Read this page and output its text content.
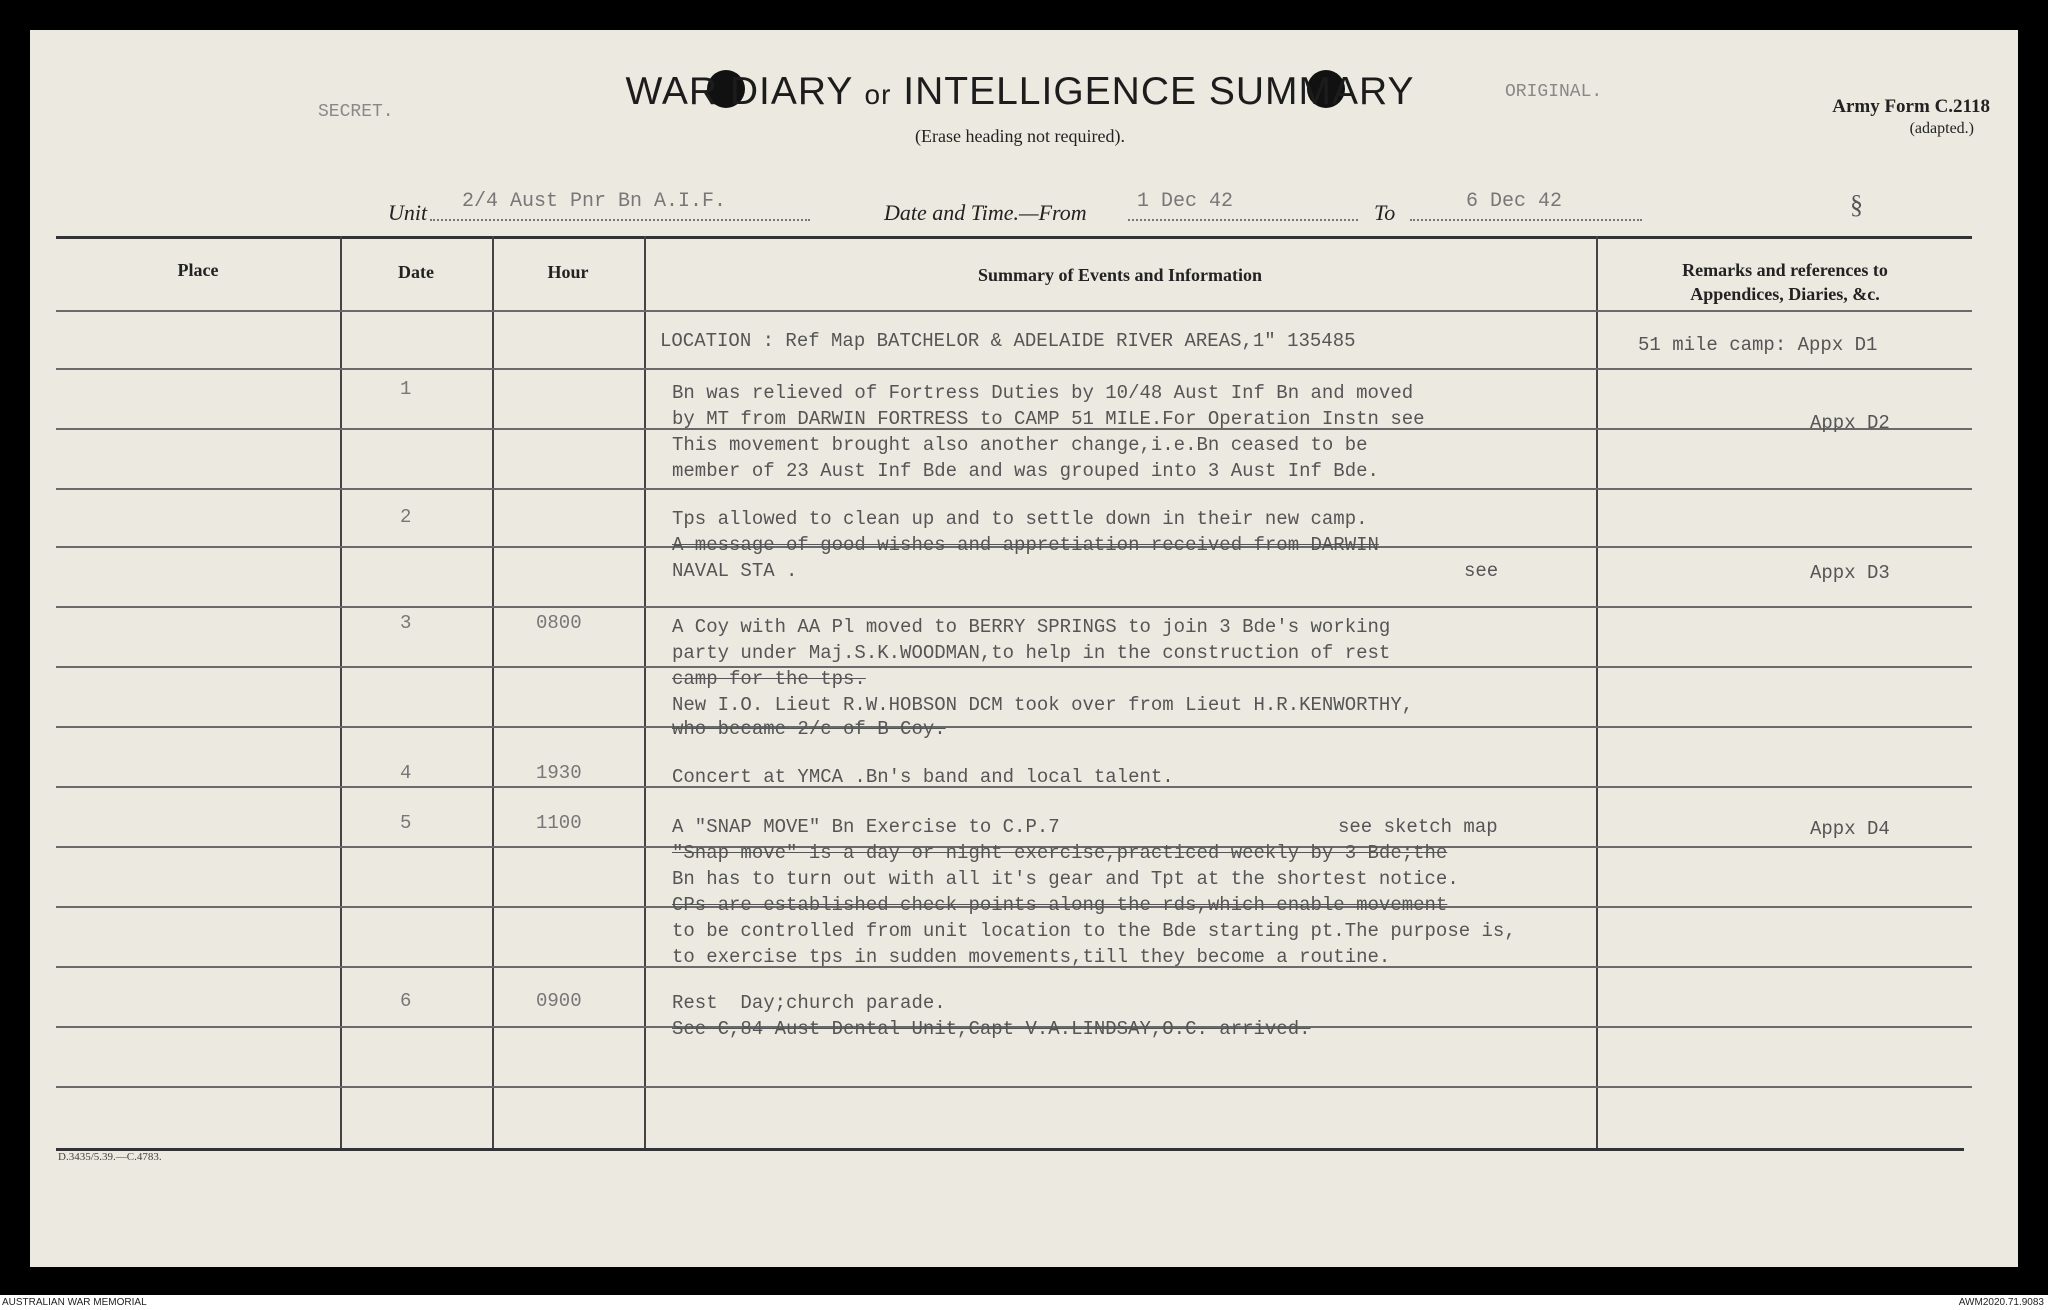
SECRET.	WAR DIARY or INTELLIGENCE SUMMARY
(Erase heading not required).
ORIGINAL.
Army Form C.2118
(adapted.)
Unit 2/4 Aust Pnr Bn A.I.F.	Date and Time.—From	1 Dec 42	To	6 Dec 42	§
Place	Date	Hour	Summary of Events and Information	Remarks and references to
Appendices, Diaries, &c.
LOCATION : Ref Map BATCHELOR & ADELAIDE RIVER AREAS,1" 135485	51 mile camp: Appx D1
1	Bn was relieved of Fortress Duties by 10/48 Aust Inf Bn and moved
by MT from DARWIN FORTRESS to CAMP 51 MILE.For Operation Instn see
This movement brought also another change,i.e.Bn ceased to be
member of 23 Aust Inf Bde and was grouped into 3 Aust Inf Bde.
Appx D2
2	Tps allowed to clean up and to settle down in their new camp.
A message of good wishes and appretiation received from DARWIN
NAVAL STA .	see	Appx D3
3	0800	A Coy with AA Pl moved to BERRY SPRINGS to join 3 Bde's working
party under Maj.S.K.WOODMAN,to help in the construction of rest
camp for the tps.
New I.O. Lieut R.W.HOBSON DCM took over from Lieut H.R.KENWORTHY,
who became 2/c of B Coy.
4	1930	Concert at YMCA .Bn's band and local talent.
5	1100	A "SNAP MOVE" Bn Exercise to C.P.7	see sketch map
"Snap move" is a day or night exercise,practiced weekly by 3 Bde;the
Bn has to turn out with all it's gear and Tpt at the shortest notice.
CPs are established check points along the rds,which enable movement
to be controlled from unit location to the Bde starting pt.The purpose is,
to exercise tps in sudden movements,till they become a routine.
Appx D4
6	0900	Rest  Day;church parade.
See C,84 Aust Dental Unit,Capt V.A.LINDSAY,O.C. arrived.
D.3435/5.39.—C.4783.
AUSTRALIAN WAR MEMORIAL	AWM2020.71.9083
